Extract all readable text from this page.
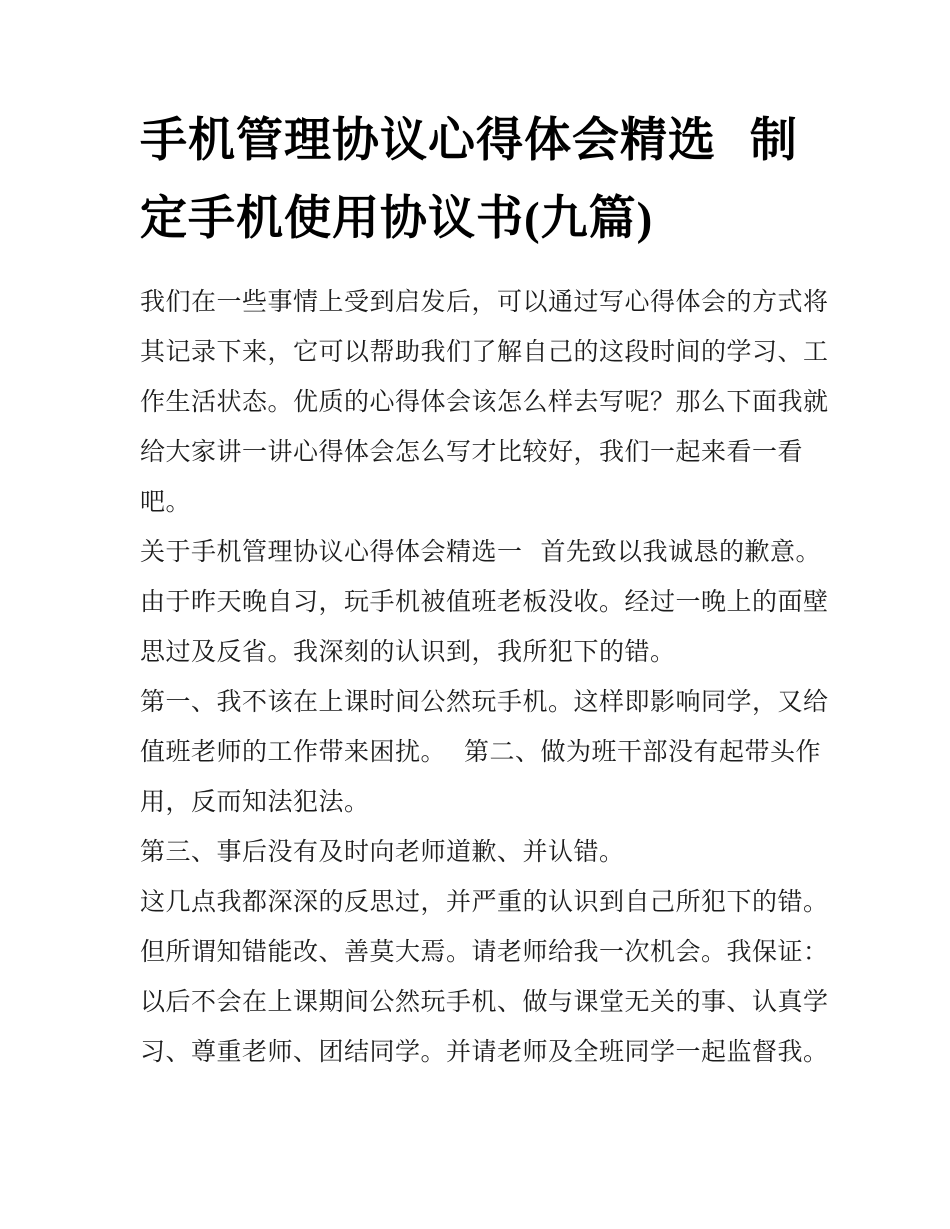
手机管理协议心得体会精选 制
定手机使用协议书(九篇)
我们在一些事情上受到启发后，可以通过写心得体会的方式将
其记录下来，它可以帮助我们了解自己的这段时间的学习、工
作生活状态。优质的心得体会该怎么样去写呢？那么下面我就
给大家讲一讲心得体会怎么写才比较好，我们一起来看一看
吧。
关于手机管理协议心得体会精选一 首先致以我诚恳的歉意。
由于昨天晚自习，玩手机被值班老板没收。经过一晚上的面壁
思过及反省。我深刻的认识到，我所犯下的错。
第一、我不该在上课时间公然玩手机。这样即影响同学，又给
值班老师的工作带来困扰。 第二、做为班干部没有起带头作
用，反而知法犯法。
第三、事后没有及时向老师道歉、并认错。
这几点我都深深的反思过，并严重的认识到自己所犯下的错。
但所谓知错能改、善莫大焉。请老师给我一次机会。我保证：
以后不会在上课期间公然玩手机、做与课堂无关的事、认真学
习、尊重老师、团结同学。并请老师及全班同学一起监督我。
